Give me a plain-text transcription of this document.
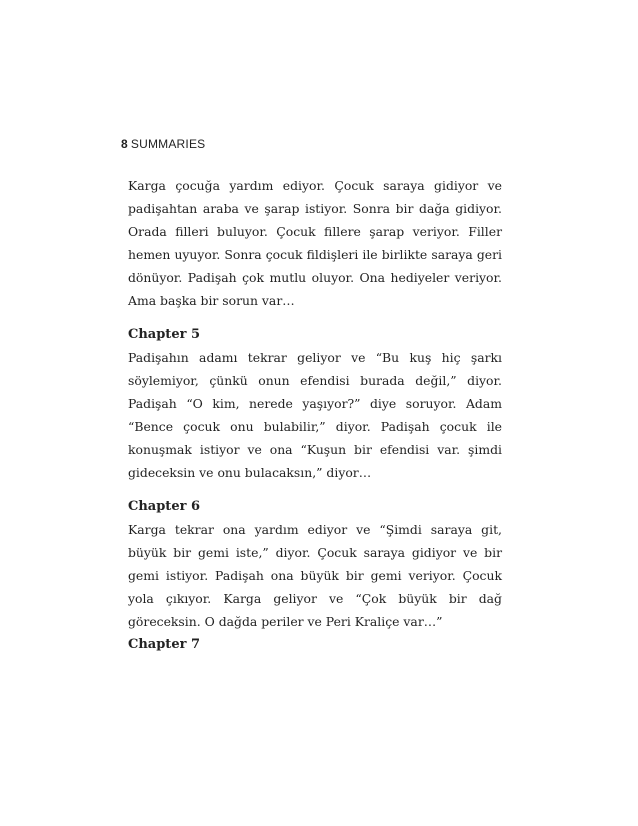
8 SUMMARIES

Karga çocuğa yardım ediyor. Çocuk saraya gidiyor ve padişahtan araba ve şarap istiyor. Sonra bir dağa gidiyor. Orada filleri buluyor. Çocuk fillere şarap veriyor. Filler hemen uyuyor. Sonra çocuk fildişleri ile birlikte saraya geri dönüyor. Padişah çok mutlu oluyor. Ona hediyeler veriyor. Ama başka bir sorun var…

Chapter 5

Padişahın adamı tekrar geliyor ve “Bu kuş hiç şarkı söylemiyor, çünkü onun efendisi burada değil,” diyor. Padişah “O kim, nerede yaşıyor?” diye soruyor. Adam “Bence çocuk onu bulabilir,” diyor. Padişah çocuk ile konuşmak istiyor ve ona “Kuşun bir efendisi var. şimdi gideceksin ve onu bulacaksın,” diyor…

Chapter 6

Karga tekrar ona yardım ediyor ve “Şimdi saraya git, büyük bir gemi iste,” diyor. Çocuk saraya gidiyor ve bir gemi istiyor. Padişah ona büyük bir gemi veriyor. Çocuk yola çıkıyor. Karga geliyor ve “Çok büyük bir dağ göreceksin. O dağda periler ve Peri Kraliçe var…”

Chapter 7
